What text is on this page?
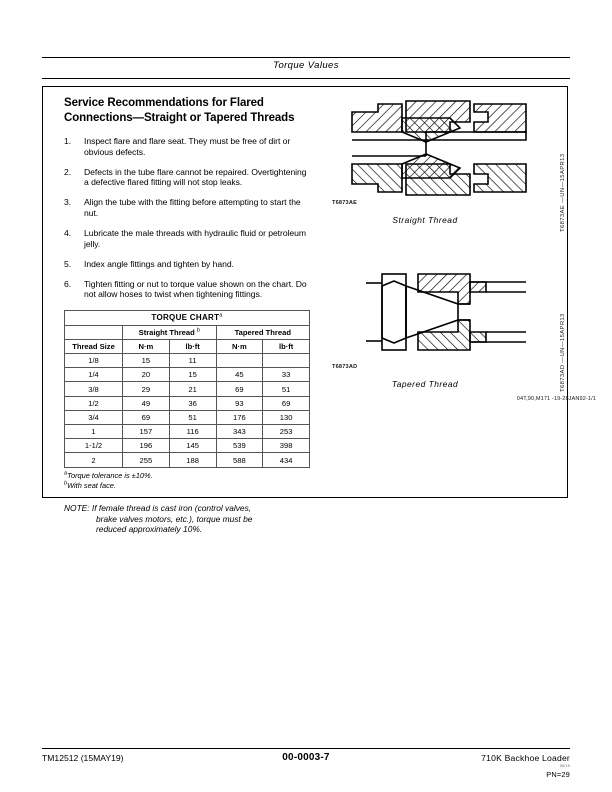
Torque Values
Service Recommendations for Flared
Connections—Straight or Tapered Threads
1.	Inspect flare and flare seat. They must be free of dirt or obvious defects.
2.	Defects in the tube flare cannot be repaired. Overtightening a defective flared fitting will not stop leaks.
3.	Align the tube with the fitting before attempting to start the nut.
4.	Lubricate the male threads with hydraulic fluid or petroleum jelly.
5.	Index angle fittings and tighten by hand.
6.	Tighten fitting or nut to torque value shown on the chart. Do not allow hoses to twist when tightening fittings.
TORQUE CHART$^a$
	Straight Thread $^b$		Tapered Thread	
Thread Size	N·m	lb·ft	N·m	lb·ft
1/8	15	11		
1/4	20	15	45	33
3/8	29	21	69	51
1/2	49	36	93	69
3/4	69	51	176	130
1	157	116	343	253
1-1/2	196	145	539	398
2	255	188	588	434
$^a$Torque tolerance is ±10%.
$^b$With seat face.
NOTE: If female thread is cast iron (control valves,
brake valves motors, etc.), torque must be
reduced approximately 10%.
T6873AE
Straight Thread
T6873AD
Tapered Thread
T6873AE —UN—15APR13
T6873AD —UN—15APR13
04T,90,M171 -19-28JAN92-1/1
TM12512 (15MAY19)	00-0003-7	710K Backhoe Loader
05/19
PN=29
